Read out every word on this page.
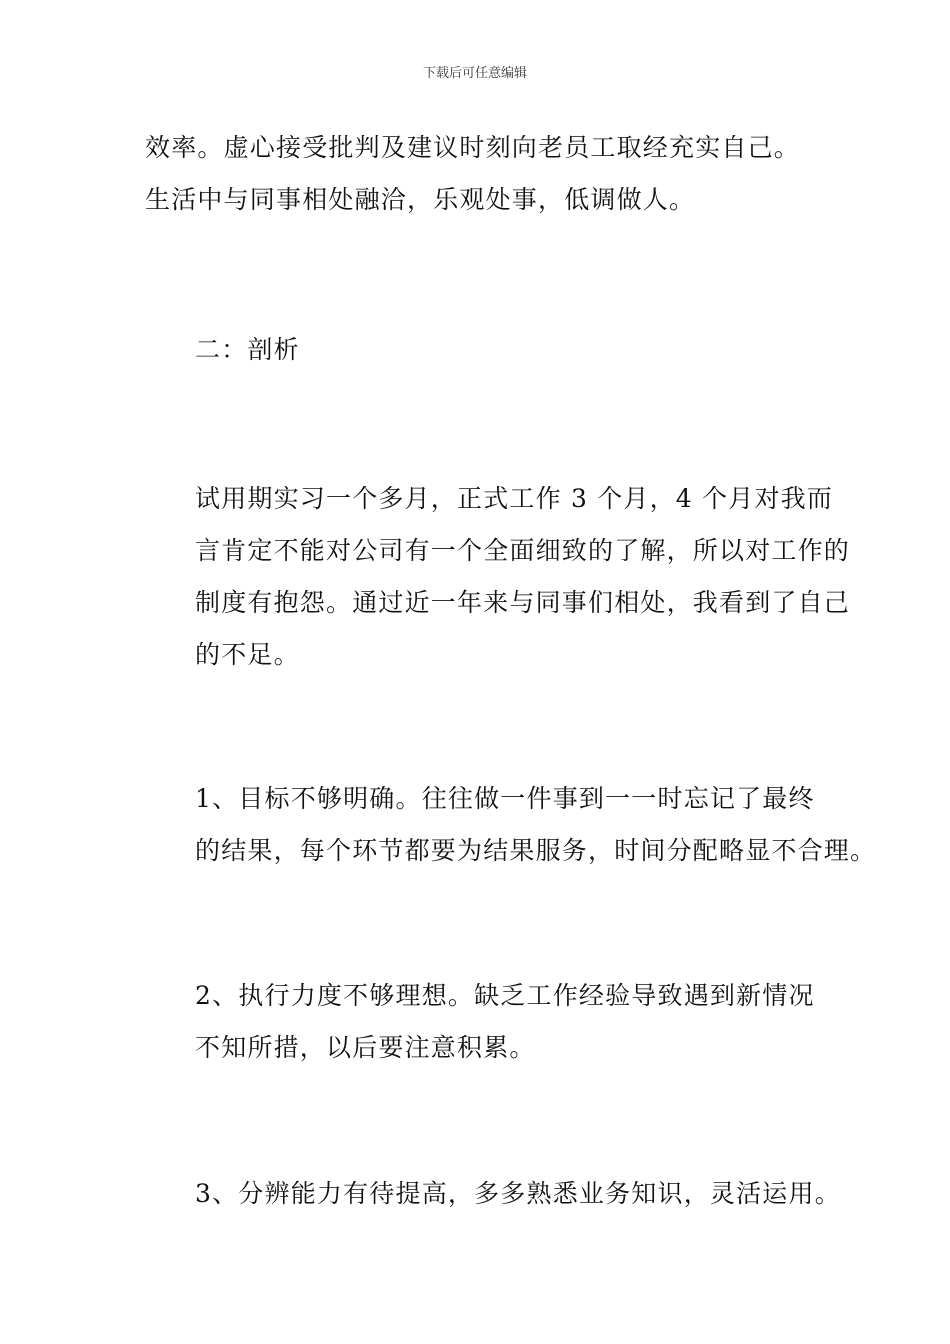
下载后可任意编辑
效率。虚心接受批判及建议时刻向老员工取经充实自己。
生活中与同事相处融洽，乐观处事，低调做人。
二：剖析
试用期实习一个多月，正式工作 3 个月，4 个月对我而
言肯定不能对公司有一个全面细致的了解，所以对工作的
制度有抱怨。通过近一年来与同事们相处，我看到了自己
的不足。
1、目标不够明确。往往做一件事到一一时忘记了最终
的结果，每个环节都要为结果服务，时间分配略显不合理。
2、执行力度不够理想。缺乏工作经验导致遇到新情况
不知所措，以后要注意积累。
3、分辨能力有待提高，多多熟悉业务知识，灵活运用。
